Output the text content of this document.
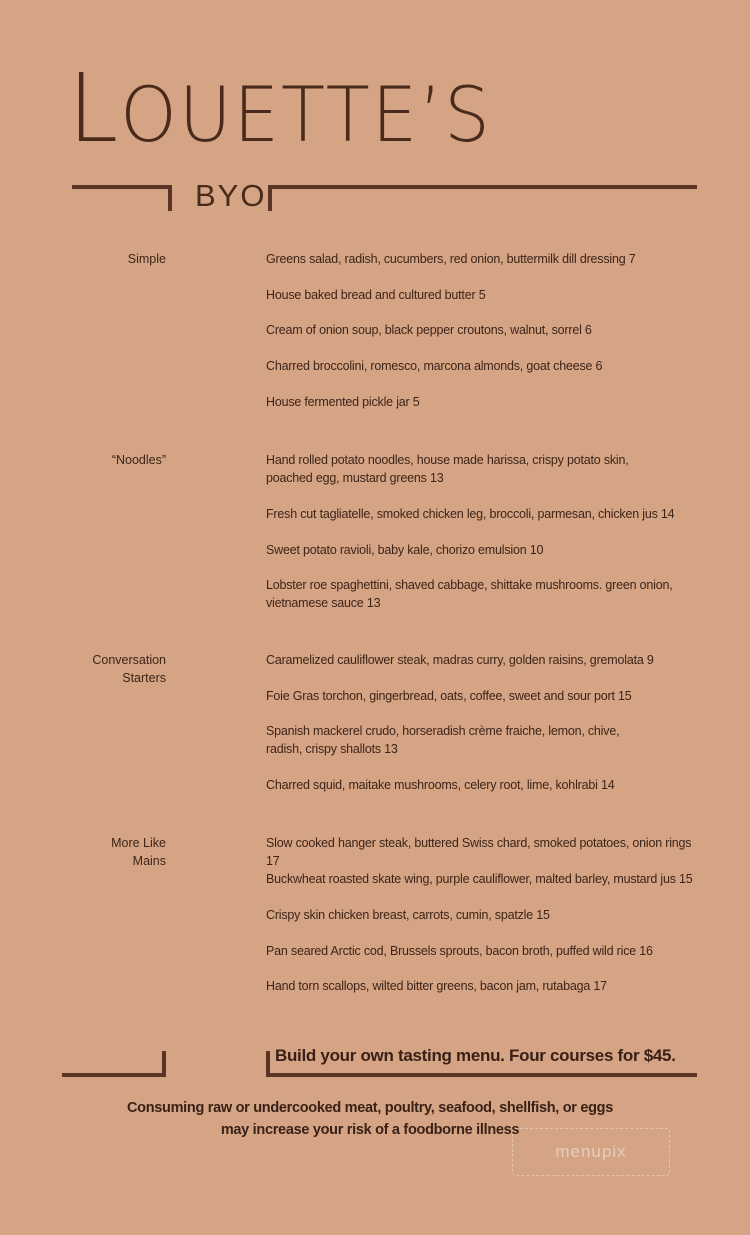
LOUETTE’S
BYO
Simple	Greens salad, radish, cucumbers, red onion, buttermilk dill dressing 7
House baked bread and cultured butter 5
Cream of onion soup, black pepper croutons, walnut, sorrel 6
Charred broccolini, romesco, marcona almonds, goat cheese 6
House fermented pickle jar 5
“Noodles”	Hand rolled potato noodles, house made harissa, crispy potato skin,
poached egg, mustard greens 13
Fresh cut tagliatelle, smoked chicken leg, broccoli, parmesan, chicken jus 14
Sweet potato ravioli, baby kale, chorizo emulsion 10
Lobster roe spaghettini, shaved cabbage, shittake mushrooms. green onion,
vietnamese sauce 13
Conversation
Starters
Caramelized cauliflower steak, madras curry, golden raisins, gremolata 9
Foie Gras torchon, gingerbread, oats, coffee, sweet and sour port 15
Spanish mackerel crudo, horseradish crème fraiche, lemon, chive,
radish, crispy shallots 13
Charred squid, maitake mushrooms, celery root, lime, kohlrabi 14
More Like
Mains
Slow cooked hanger steak, buttered Swiss chard, smoked potatoes, onion rings 17
Buckwheat roasted skate wing, purple cauliflower, malted barley, mustard jus 15
Crispy skin chicken breast, carrots, cumin, spatzle 15
Pan seared Arctic cod, Brussels sprouts, bacon broth, puffed wild rice 16
Hand torn scallops, wilted bitter greens, bacon jam, rutabaga 17
Build your own tasting menu. Four courses for $45.
Consuming raw or undercooked meat, poultry, seafood, shellfish, or eggs
may increase your risk of a foodborne illness
menupix
